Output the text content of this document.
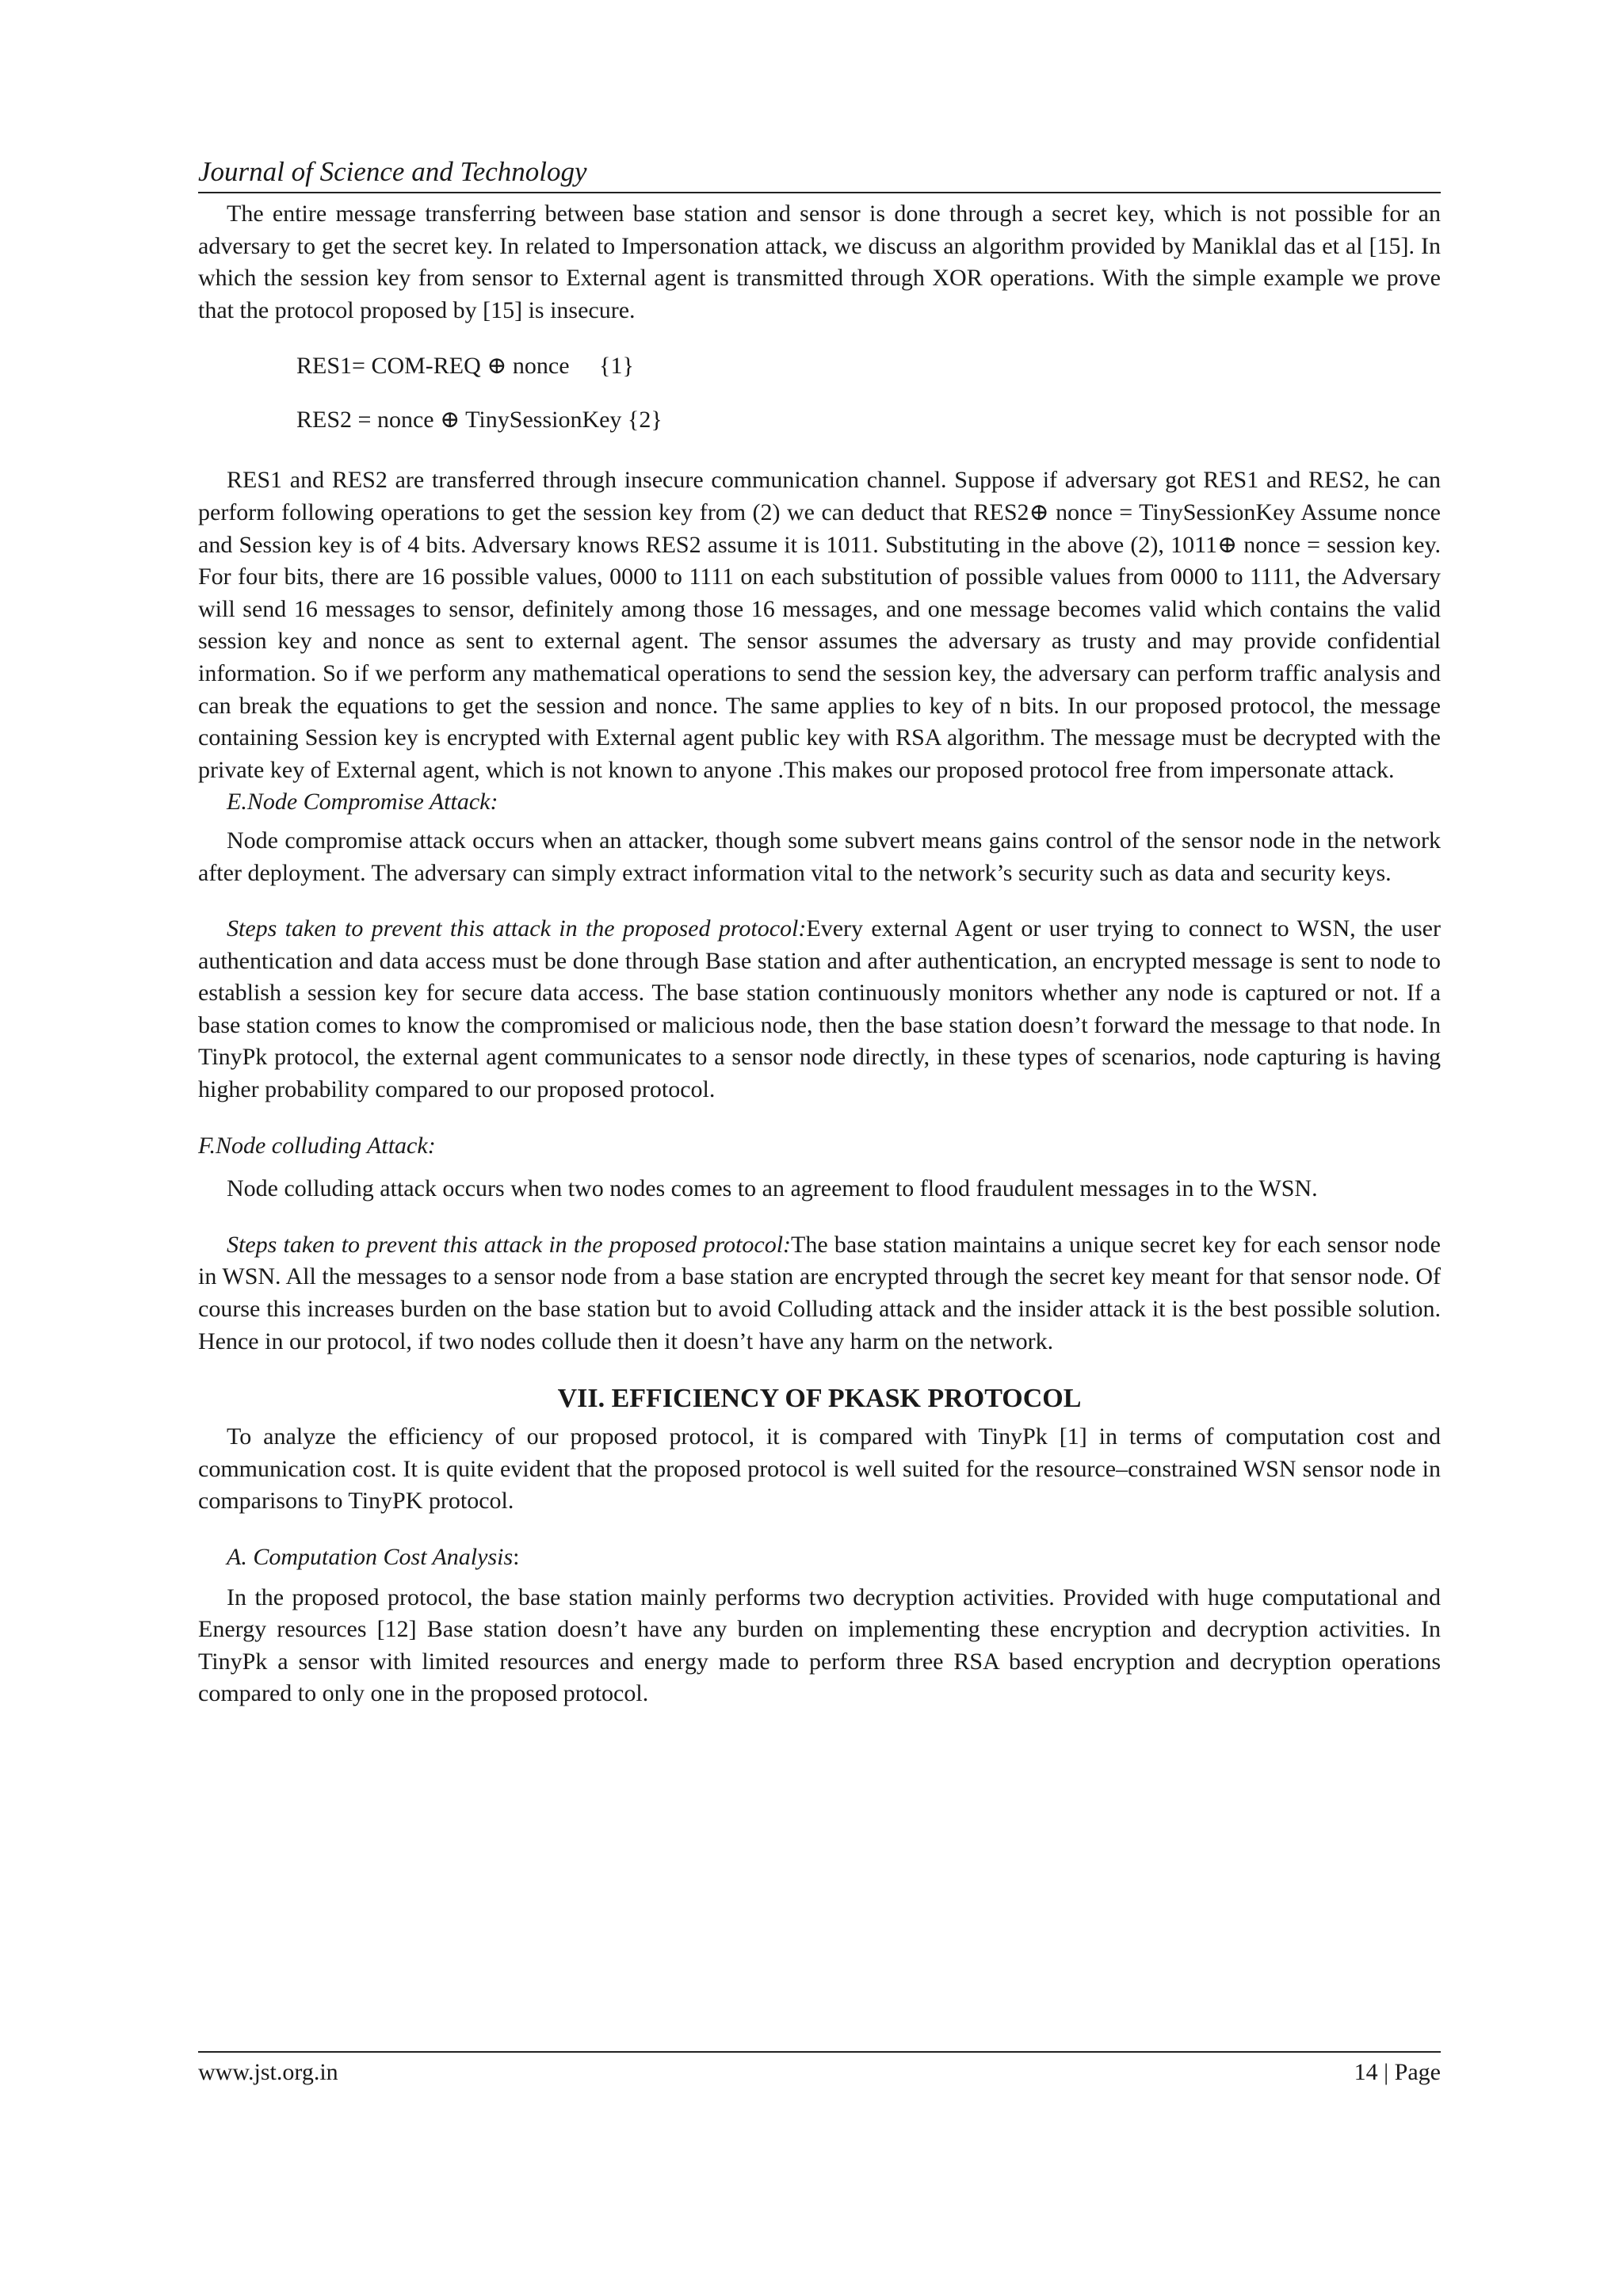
Journal of Science and Technology

The entire message transferring between base station and sensor is done through a secret key, which is not possible for an adversary to get the secret key. In related to Impersonation attack, we discuss an algorithm provided by Maniklal das et al [15]. In which the session key from sensor to External agent is transmitted through XOR operations. With the simple example we prove that the protocol proposed by [15] is insecure.

RES1= COM-REQ ⊕ nonce     {1}
RES2 = nonce ⊕ TinySessionKey {2}

RES1 and RES2 are transferred through insecure communication channel. Suppose if adversary got RES1 and RES2, he can perform following operations to get the session key from (2) we can deduct that RES2⊕ nonce = TinySessionKey Assume nonce and Session key is of 4 bits. Adversary knows RES2 assume it is 1011. Substituting in the above (2), 1011⊕ nonce = session key. For four bits, there are 16 possible values, 0000 to 1111 on each substitution of possible values from 0000 to 1111, the Adversary will send 16 messages to sensor, definitely among those 16 messages, and one message becomes valid which contains the valid session key and nonce as sent to external agent. The sensor assumes the adversary as trusty and may provide confidential information. So if we perform any mathematical operations to send the session key, the adversary can perform traffic analysis and can break the equations to get the session and nonce. The same applies to key of n bits. In our proposed protocol, the message containing Session key is encrypted with External agent public key with RSA algorithm. The message must be decrypted with the private key of External agent, which is not known to anyone .This makes our proposed protocol free from impersonate attack.

E.Node Compromise Attack:

Node compromise attack occurs when an attacker, though some subvert means gains control of the sensor node in the network after deployment. The adversary can simply extract information vital to the network’s security such as data and security keys.

Steps taken to prevent this attack in the proposed protocol:Every external Agent or user trying to connect to WSN, the user authentication and data access must be done through Base station and after authentication, an encrypted message is sent to node to establish a session key for secure data access. The base station continuously monitors whether any node is captured or not. If a base station comes to know the compromised or malicious node, then the base station doesn’t forward the message to that node. In TinyPk protocol, the external agent communicates to a sensor node directly, in these types of scenarios, node capturing is having higher probability compared to our proposed protocol.

F.Node colluding Attack:

Node colluding attack occurs when two nodes comes to an agreement to flood fraudulent messages in to the WSN.

Steps taken to prevent this attack in the proposed protocol:The base station maintains a unique secret key for each sensor node in WSN. All the messages to a sensor node from a base station are encrypted through the secret key meant for that sensor node. Of course this increases burden on the base station but to avoid Colluding attack and the insider attack it is the best possible solution. Hence in our protocol, if two nodes collude then it doesn’t have any harm on the network.

VII. EFFICIENCY OF PKASK PROTOCOL

To analyze the efficiency of our proposed protocol, it is compared with TinyPk [1] in terms of computation cost and communication cost. It is quite evident that the proposed protocol is well suited for the resource–constrained WSN sensor node in comparisons to TinyPK protocol.

A. Computation Cost Analysis:

In the proposed protocol, the base station mainly performs two decryption activities. Provided with huge computational and Energy resources [12] Base station doesn’t have any burden on implementing these encryption and decryption activities. In TinyPk a sensor with limited resources and energy made to perform three RSA based encryption and decryption operations compared to only one in the proposed protocol.

www.jst.org.in	14 | Page
